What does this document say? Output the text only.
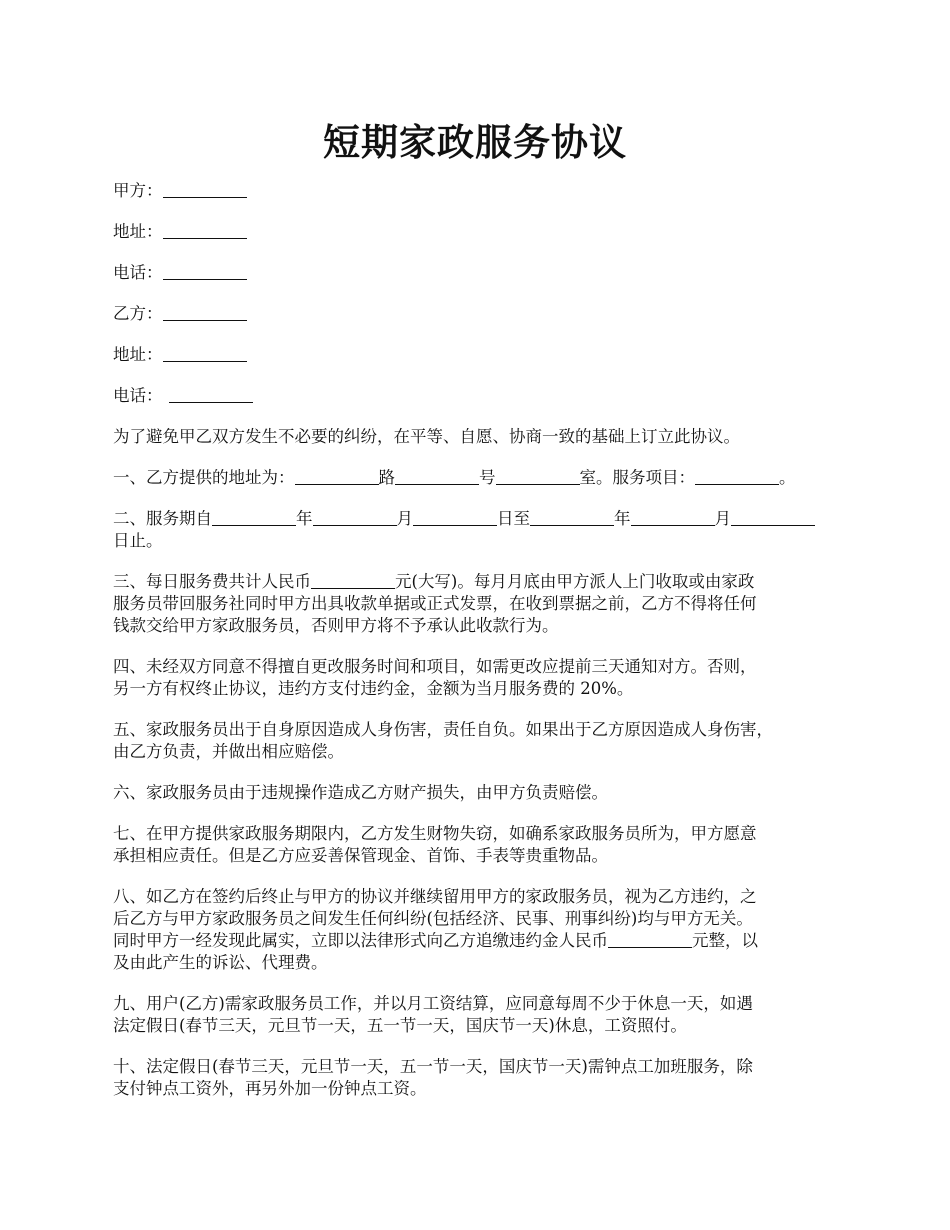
短期家政服务协议
甲方：
地址：
电话：
乙方：
地址：
电话：
为了避免甲乙双方发生不必要的纠纷，在平等、自愿、协商一致的基础上订立此协议。
一、乙方提供的地址为：	路	号	室。服务项目：	。
二、服务期自	年	月	日至	年	月
日止。
三、每日服务费共计人民币	元(大写)。每月月底由甲方派人上门收取或由家政
服务员带回服务社同时甲方出具收款单据或正式发票，在收到票据之前，乙方不得将任何
钱款交给甲方家政服务员，否则甲方将不予承认此收款行为。
四、未经双方同意不得擅自更改服务时间和项目，如需更改应提前三天通知对方。否则，
另一方有权终止协议，违约方支付违约金，金额为当月服务费的 20%。
五、家政服务员出于自身原因造成人身伤害，责任自负。如果出于乙方原因造成人身伤害，
由乙方负责，并做出相应赔偿。
六、家政服务员由于违规操作造成乙方财产损失，由甲方负责赔偿。
七、在甲方提供家政服务期限内，乙方发生财物失窃，如确系家政服务员所为，甲方愿意
承担相应责任。但是乙方应妥善保管现金、首饰、手表等贵重物品。
八、如乙方在签约后终止与甲方的协议并继续留用甲方的家政服务员，视为乙方违约，之
后乙方与甲方家政服务员之间发生任何纠纷(包括经济、民事、刑事纠纷)均与甲方无关。
同时甲方一经发现此属实，立即以法律形式向乙方追缴违约金人民币	元整，以
及由此产生的诉讼、代理费。
九、用户(乙方)需家政服务员工作，并以月工资结算，应同意每周不少于休息一天，如遇
法定假日(春节三天，元旦节一天，五一节一天，国庆节一天)休息，工资照付。
十、法定假日(春节三天，元旦节一天，五一节一天，国庆节一天)需钟点工加班服务，除
支付钟点工资外，再另外加一份钟点工资。
